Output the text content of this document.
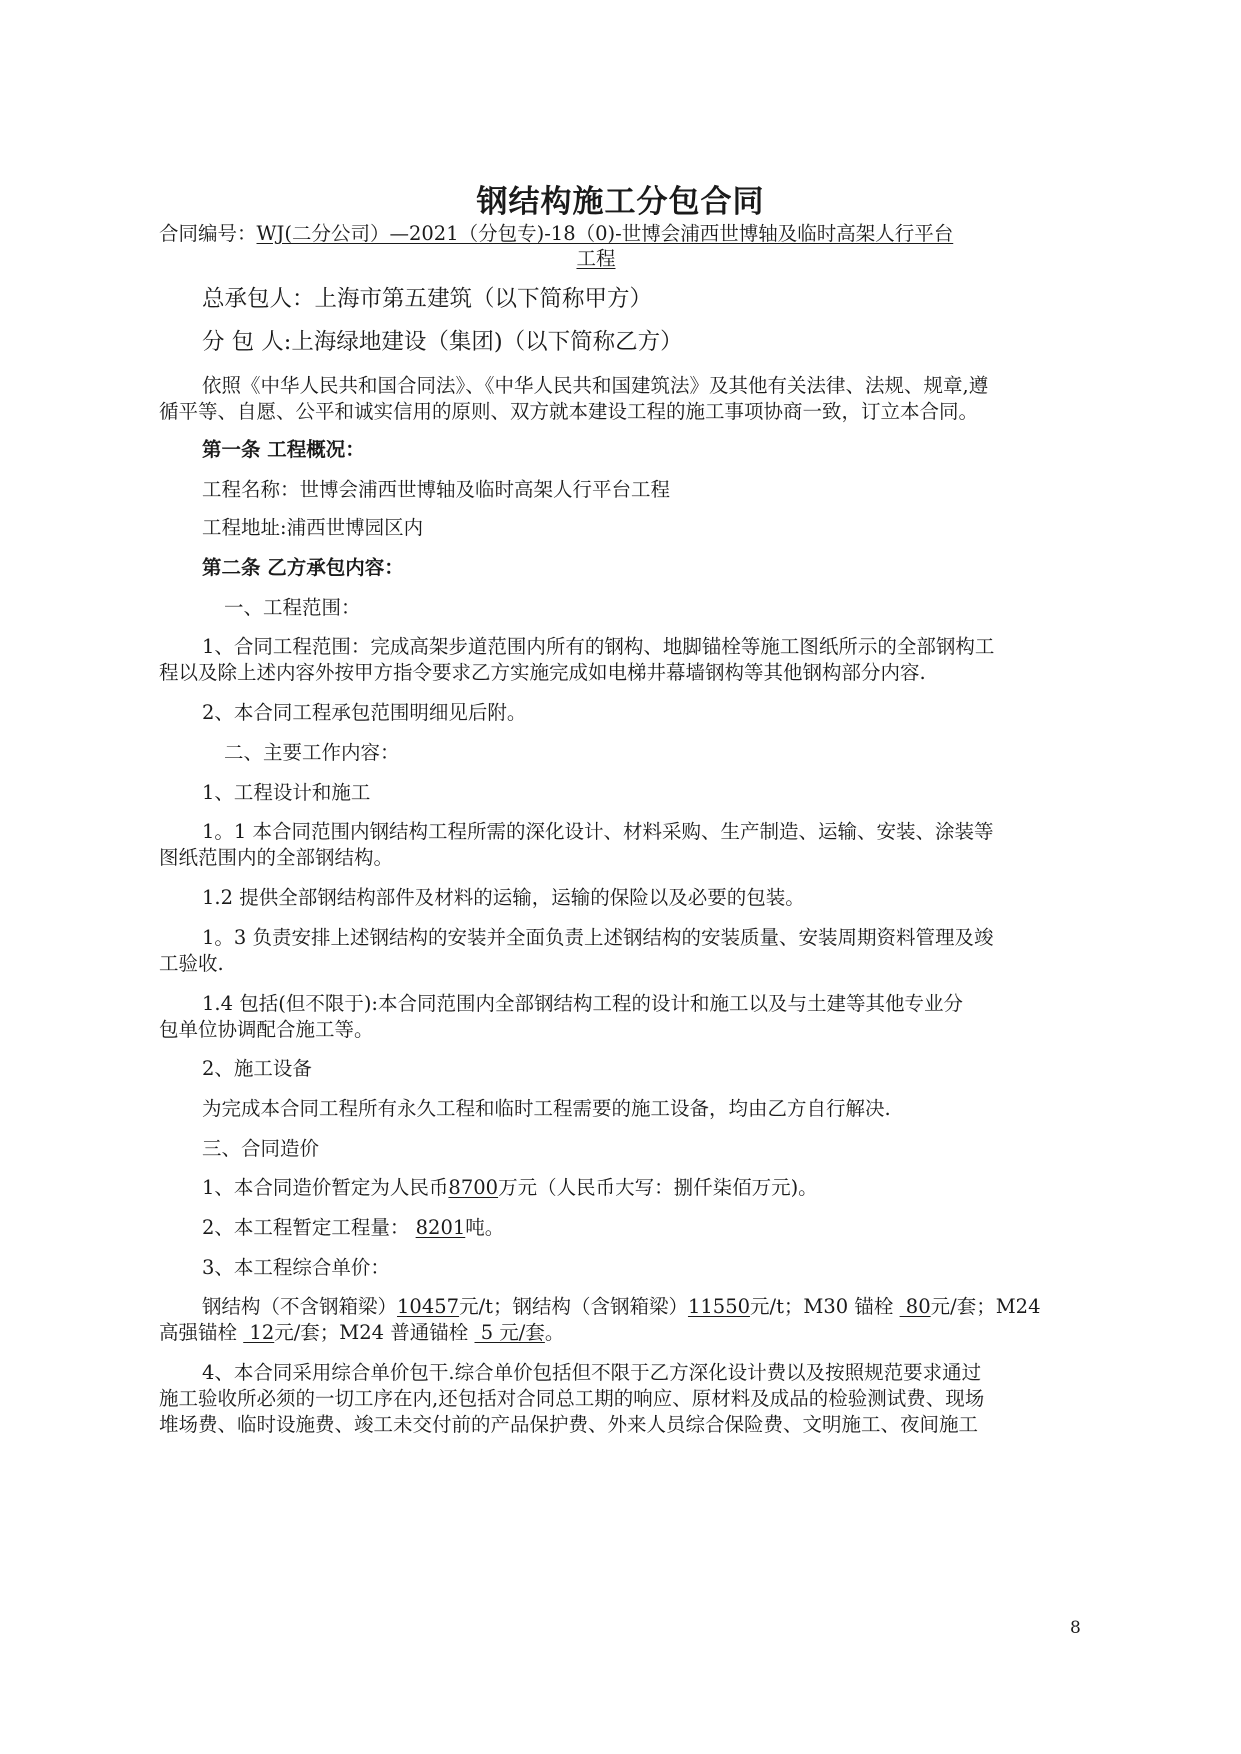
钢结构施工分包合同
合同编号：WJ(二分公司）—2021（分包专)-18（0)-世博会浦西世博轴及临时高架人行平台
工程
总承包人：上海市第五建筑（以下简称甲方）
分 包 人:上海绿地建设（集团)（以下简称乙方）
依照《中华人民共和国合同法》、《中华人民共和国建筑法》及其他有关法律、法规、规章,遵
循平等、自愿、公平和诚实信用的原则、双方就本建设工程的施工事项协商一致，订立本合同。
第一条 工程概况：
工程名称：世博会浦西世博轴及临时高架人行平台工程
工程地址:浦西世博园区内
第二条 乙方承包内容：
一、工程范围：
1、合同工程范围：完成高架步道范围内所有的钢构、地脚锚栓等施工图纸所示的全部钢构工
程以及除上述内容外按甲方指令要求乙方实施完成如电梯井幕墙钢构等其他钢构部分内容.
2、本合同工程承包范围明细见后附。
二、主要工作内容：
1、工程设计和施工
1。1 本合同范围内钢结构工程所需的深化设计、材料采购、生产制造、运输、安装、涂装等
图纸范围内的全部钢结构。
1.2 提供全部钢结构部件及材料的运输，运输的保险以及必要的包装。
1。3 负责安排上述钢结构的安装并全面负责上述钢结构的安装质量、安装周期资料管理及竣
工验收.
1.4 包括(但不限于):本合同范围内全部钢结构工程的设计和施工以及与土建等其他专业分
包单位协调配合施工等。
2、施工设备
为完成本合同工程所有永久工程和临时工程需要的施工设备，均由乙方自行解决.
三、合同造价
1、本合同造价暂定为人民币8700万元（人民币大写：捌仟柒佰万元)。
2、本工程暂定工程量： 8201吨。
3、本工程综合单价：
钢结构（不含钢箱梁）10457元/t；钢结构（含钢箱梁）11550元/t；M30 锚栓  80元/套；M24
高强锚栓  12元/套；M24 普通锚栓  5 元/套。
4、本合同采用综合单价包干.综合单价包括但不限于乙方深化设计费以及按照规范要求通过
施工验收所必须的一切工序在内,还包括对合同总工期的响应、原材料及成品的检验测试费、现场
堆场费、临时设施费、竣工未交付前的产品保护费、外来人员综合保险费、文明施工、夜间施工
8
